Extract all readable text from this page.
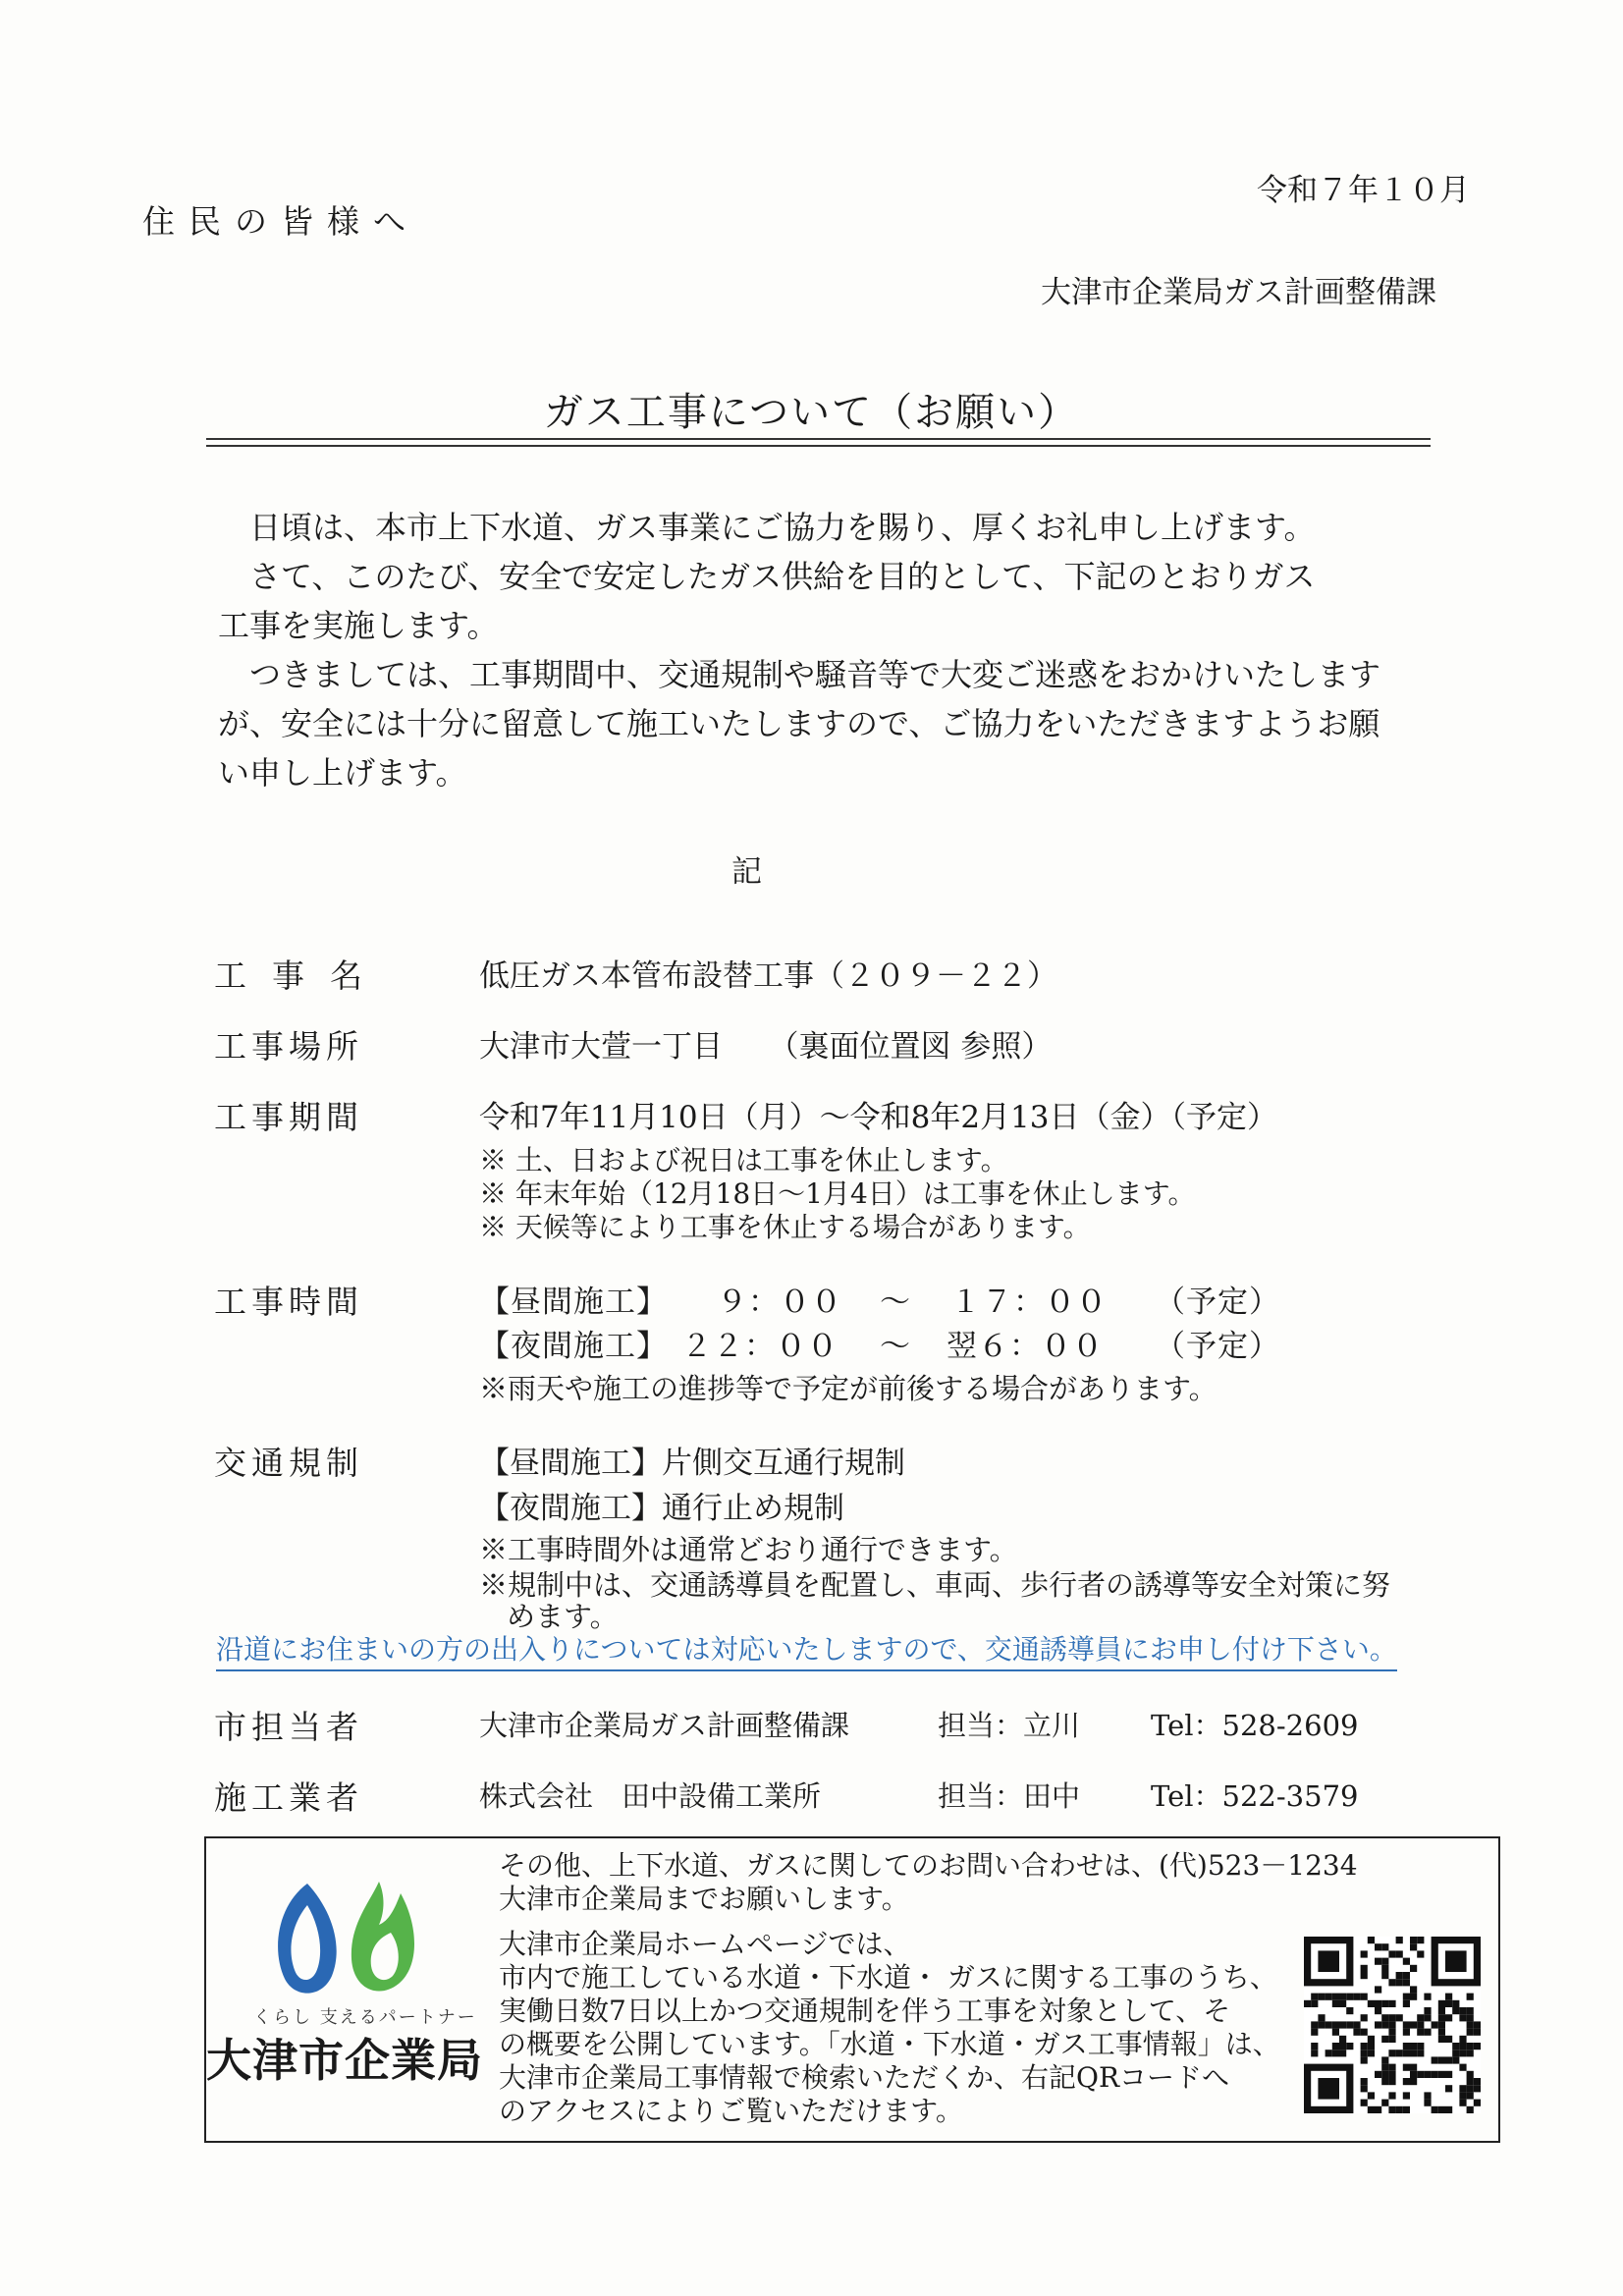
令和７年１０月
住民の皆様へ
大津市企業局ガス計画整備課
ガス工事について（お願い）
日頃は、本市上下水道、ガス事業にご協力を賜り、厚くお礼申し上げます。
さて、このたび、安全で安定したガス供給を目的として、下記のとおりガス
工事を実施します。
つきましては、工事期間中、交通規制や騒音等で大変ご迷惑をおかけいたします
が、安全には十分に留意して施工いたしますので、ご協力をいただきますようお願
い申し上げます。
記
工事名	低圧ガス本管布設替工事（２０９－２２）
工事場所	大津市大萱一丁目　　（裏面位置図 参照）
工事期間	令和7年11月10日（月）～令和8年2月13日（金）（予定）
※ 土、日および祝日は工事を休止します。
※ 年末年始（12月18日～1月4日）は工事を休止します。
※ 天候等により工事を休止する場合があります。
工事時間	【昼間施工】 ９：００ ～ １７：００ （予定）
【夜間施工】 ２２：００ ～ 翌６：００ （予定）
※雨天や施工の進捗等で予定が前後する場合があります。
交通規制	【昼間施工】片側交互通行規制
【夜間施工】通行止め規制
※工事時間外は通常どおり通行できます。
※規制中は、交通誘導員を配置し、車両、歩行者の誘導等安全対策に努
めます。
沿道にお住まいの方の出入りについては対応いたしますので、交通誘導員にお申し付け下さい。
市担当者	大津市企業局ガス計画整備課	担当：立川 Tel：528-2609
施工業者	株式会社　田中設備工業所	担当：田中 Tel：522-3579
くらし 支えるパートナー
大津市企業局
その他、上下水道、ガスに関してのお問い合わせは、(代)523－1234
大津市企業局までお願いします。
大津市企業局ホームページでは、
市内で施工している水道・下水道・ ガスに関する工事のうち、
実働日数7日以上かつ交通規制を伴う工事を対象として、そ
の概要を公開しています。「水道・下水道・ガス工事情報」は、
大津市企業局工事情報で検索いただくか、右記QRコードへ
のアクセスによりご覧いただけます。
